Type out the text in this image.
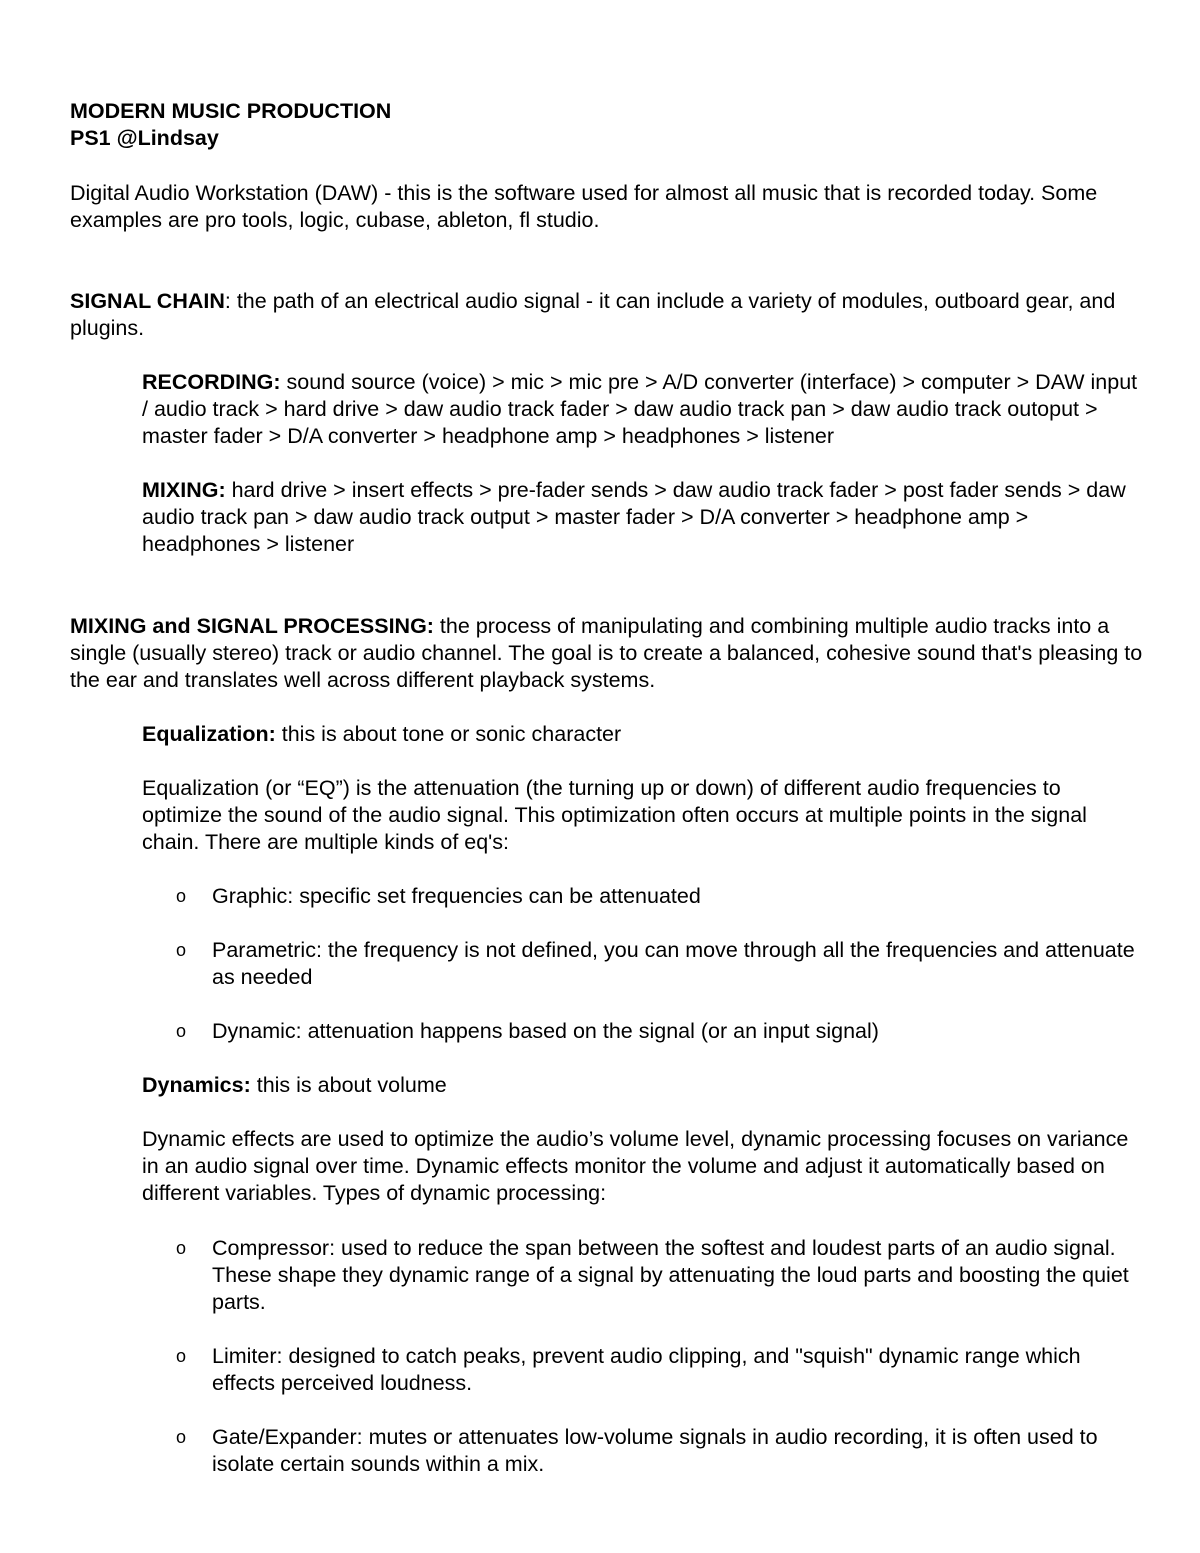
MODERN MUSIC PRODUCTION
PS1 @Lindsay

Digital Audio Workstation (DAW) - this is the software used for almost all music that is recorded today. Some examples are pro tools, logic, cubase, ableton, fl studio.

SIGNAL CHAIN: the path of an electrical audio signal - it can include a variety of modules, outboard gear, and plugins.

RECORDING: sound source (voice) > mic > mic pre > A/D converter (interface) > computer > DAW input / audio track > hard drive > daw audio track fader > daw audio track pan > daw audio track outoput > master fader > D/A converter > headphone amp > headphones > listener

MIXING: hard drive > insert effects > pre-fader sends > daw audio track fader > post fader sends > daw audio track pan > daw audio track output > master fader > D/A converter > headphone amp > headphones > listener

MIXING and SIGNAL PROCESSING: the process of manipulating and combining multiple audio tracks into a single (usually stereo) track or audio channel. The goal is to create a balanced, cohesive sound that's pleasing to the ear and translates well across different playback systems.

Equalization: this is about tone or sonic character

Equalization (or “EQ”) is the attenuation (the turning up or down) of different audio frequencies to optimize the sound of the audio signal. This optimization often occurs at multiple points in the signal chain. There are multiple kinds of eq's:

o Graphic: specific set frequencies can be attenuated
o Parametric: the frequency is not defined, you can move through all the frequencies and attenuate as needed
o Dynamic: attenuation happens based on the signal (or an input signal)

Dynamics: this is about volume

Dynamic effects are used to optimize the audio’s volume level, dynamic processing focuses on variance in an audio signal over time. Dynamic effects monitor the volume and adjust it automatically based on different variables. Types of dynamic processing:

o Compressor: used to reduce the span between the softest and loudest parts of an audio signal. These shape they dynamic range of a signal by attenuating the loud parts and boosting the quiet parts.
o Limiter: designed to catch peaks, prevent audio clipping, and "squish" dynamic range which effects perceived loudness.
o Gate/Expander: mutes or attenuates low-volume signals in audio recording, it is often used to isolate certain sounds within a mix.
